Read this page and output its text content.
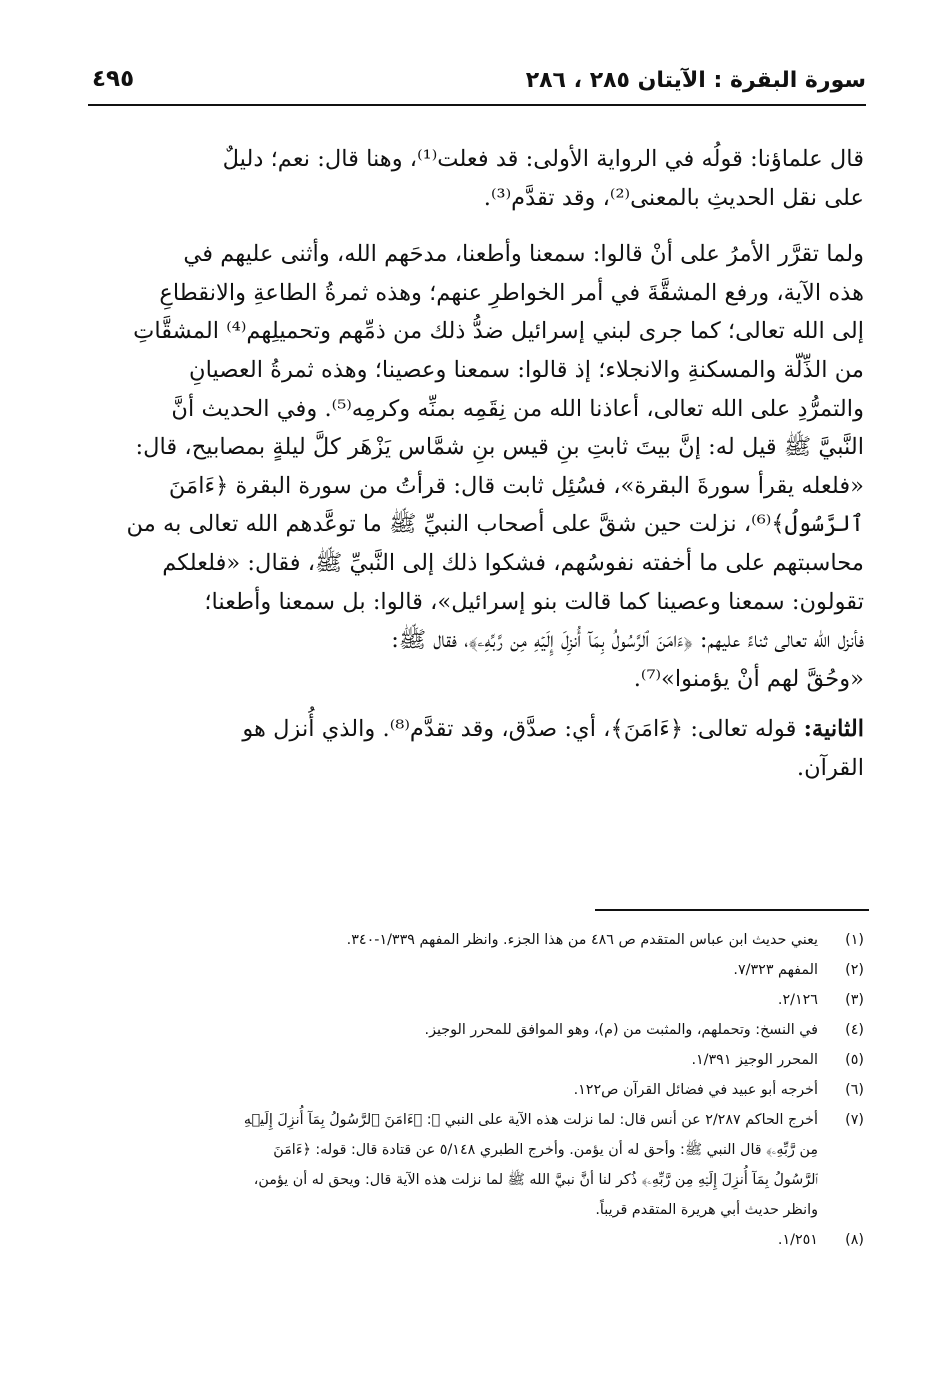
سورة البقرة : الآيتان ٢٨٥ ، ٢٨٦
٤٩٥

قال علماؤنا: قولُه في الرواية الأولى: قد فعلت⁽¹⁾، وهنا قال: نعم؛ دليلٌ
على نقل الحديثِ بالمعنى⁽²⁾، وقد تقدَّم⁽³⁾.

ولما تقرَّر الأمرُ على أنْ قالوا: سمعنا وأطعنا، مدحَهم الله، وأثنى عليهم في
هذه الآية، ورفع المشقَّةَ في أمر الخواطرِ عنهم؛ وهذه ثمرةُ الطاعةِ والانقطاعِ
إلى الله تعالى؛ كما جرى لبني إسرائيل ضدُّ ذلك من ذمِّهم وتحميلِهم⁽⁴⁾ المشقَّاتِ
من الذِّلّة والمسكنةِ والانجلاء؛ إذ قالوا: سمعنا وعصينا؛ وهذه ثمرةُ العصيانِ
والتمرُّدِ على الله تعالى، أعاذنا الله من نِقَمِه بمنِّه وكرمِه⁽⁵⁾. وفي الحديث أنَّ
النَّبيَّ ﷺ قيل له: إنَّ بيتَ ثابتِ بنِ قيس بنِ شمَّاس يَزْهَر كلَّ ليلةٍ بمصابيح، قال:
«فلعله يقرأ سورةَ البقرة»، فسُئِل ثابت قال: قرأتُ من سورة البقرة ﴿ءَامَنَ
ٱلرَّسُولُ﴾⁽⁶⁾، نزلت حين شقَّ على أصحاب النبيِّ ﷺ ما توعَّدهم الله تعالى به من
محاسبتهم على ما أخفته نفوسُهم، فشكوا ذلك إلى النَّبيِّ ﷺ، فقال: «فلعلكم
تقولون: سمعنا وعصينا كما قالت بنو إسرائيل»، قالوا: بل سمعنا وأطعنا؛
فأنزل الله تعالى ثناءً عليهم: ﴿ءَامَنَ ٱلرَّسُولُ بِمَآ أُنزِلَ إِلَيۡهِ مِن رَّبِّهِۦ﴾، فقال ﷺ:
«وحُقَّ لهم أنْ يؤمنوا»⁽⁷⁾.

الثانية: قوله تعالى: ﴿ءَامَنَ﴾، أي: صدَّق، وقد تقدَّم⁽⁸⁾. والذي أُنزل هو
القرآن.

(١)
يعني حديث ابن عباس المتقدم ص ٤٨٦ من هذا الجزء. وانظر المفهم ١/٣٣٩-٣٤٠.
(٢)
المفهم ٧/٣٢٣.
(٣)
٢/١٢٦.
(٤)
في النسخ: وتحملهم، والمثبت من (م)، وهو الموافق للمحرر الوجيز.
(٥)
المحرر الوجيز ١/٣٩١.
(٦)
أخرجه أبو عبيد في فضائل القرآن ص١٢٢.
(٧)
أخرج الحاكم ٢/٢٨٧ عن أنس قال: لما نزلت هذه الآية على النبي ﷺ: ﴿ءَامَنَ ٱلرَّسُولُ بِمَآ أُنزِلَ إِلَيۡهِ
مِن رَّبِّهِۦ﴾ قال النبي ﷺ: وأحق له أن يؤمن. وأخرج الطبري ٥/١٤٨ عن قتادة قال: قوله: ﴿ءَامَنَ
ٱلرَّسُولُ بِمَآ أُنزِلَ إِلَيۡهِ مِن رَّبِّهِۦ﴾ ذُكر لنا أنَّ نبيَّ الله ﷺ لما نزلت هذه الآية قال: ويحق له أن يؤمن،
وانظر حديث أبي هريرة المتقدم قريباً.
(٨)
١/٢٥١.
